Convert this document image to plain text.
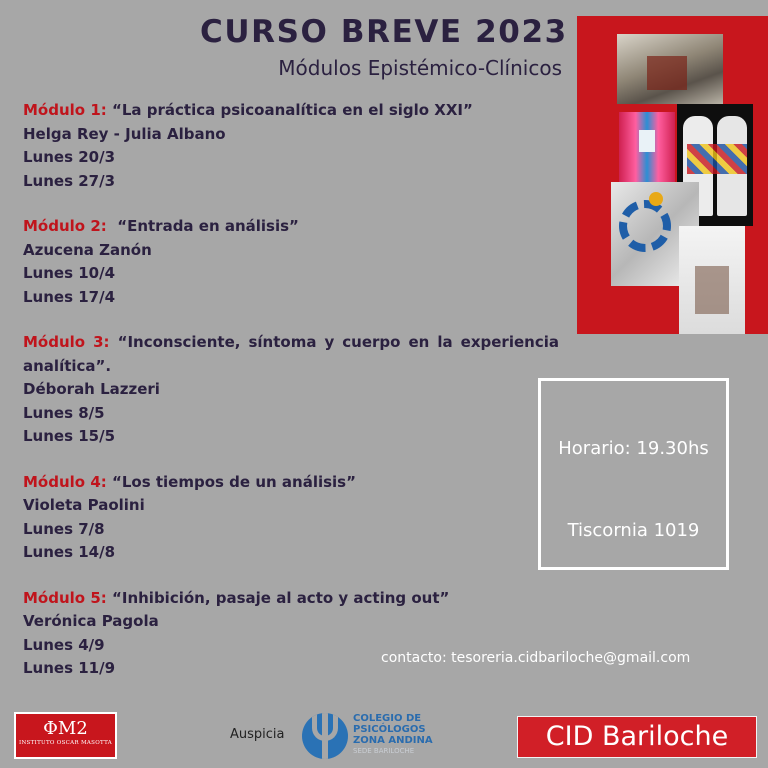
CURSO BREVE 2023
Módulos Epistémico-Clínicos
Módulo 1: “La práctica psicoanalítica en el siglo XXI”
Helga Rey - Julia Albano
Lunes 20/3
Lunes 27/3
Módulo 2: “Entrada en análisis”
Azucena Zanón
Lunes 10/4
Lunes 17/4
Módulo 3: “Inconsciente, síntoma y cuerpo en la experiencia analítica”.
Déborah Lazzeri
Lunes 8/5
Lunes 15/5
Módulo 4: “Los tiempos de un análisis”
Violeta Paolini
Lunes 7/8
Lunes 14/8
Módulo 5: “Inhibición, pasaje al acto y acting out”
Verónica Pagola
Lunes 4/9
Lunes 11/9
Horario: 19.30hs
Tiscornia 1019
contacto: tesoreria.cidbariloche@gmail.com
ΦM2
INSTITUTO OSCAR MASOTTA
Auspicia
COLEGIO DE
PSICÓLOGOS
ZONA ANDINA
SEDE BARILOCHE	CID Bariloche
